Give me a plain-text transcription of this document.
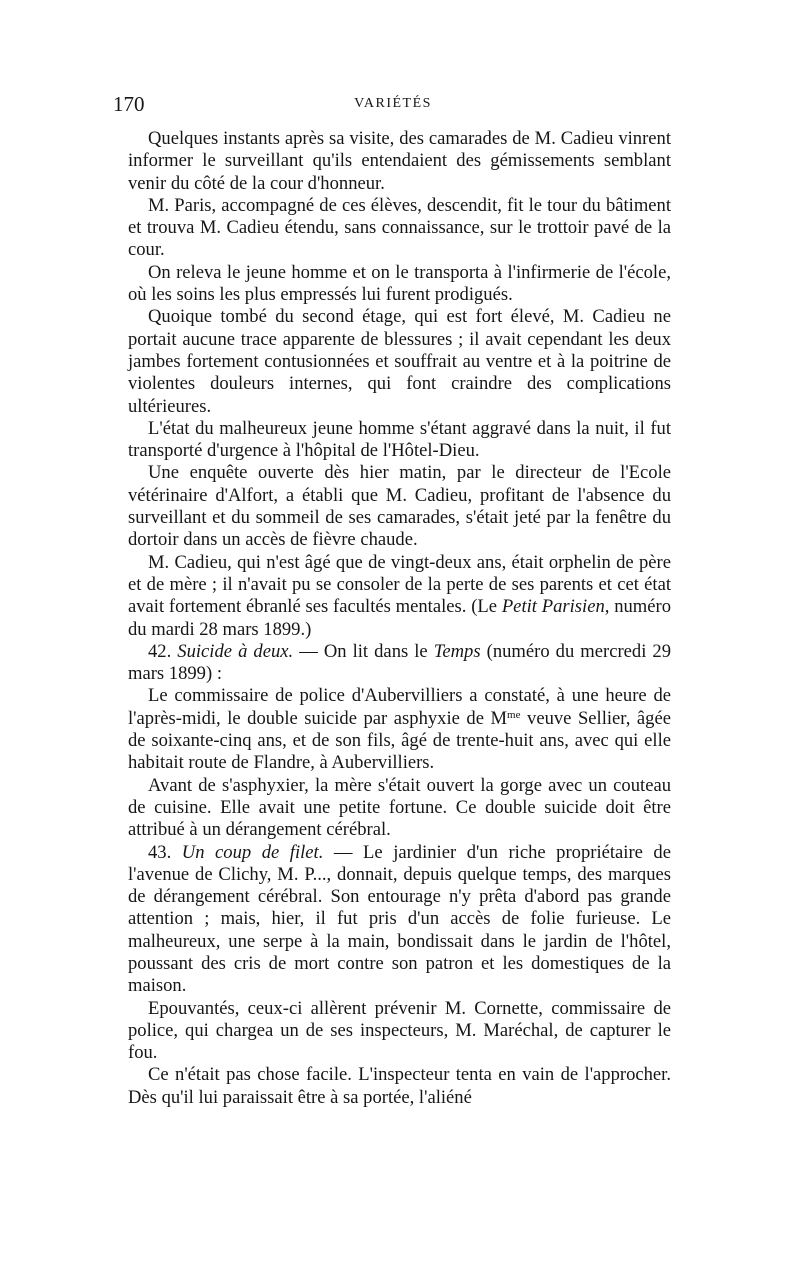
170	VARIÉTÉS

Quelques instants après sa visite, des camarades de M. Cadieu vinrent informer le surveillant qu'ils entendaient des gémissements semblant venir du côté de la cour d'honneur.

M. Paris, accompagné de ces élèves, descendit, fit le tour du bâtiment et trouva M. Cadieu étendu, sans connaissance, sur le trottoir pavé de la cour.

On releva le jeune homme et on le transporta à l'infirmerie de l'école, où les soins les plus empressés lui furent prodigués.

Quoique tombé du second étage, qui est fort élevé, M. Cadieu ne portait aucune trace apparente de blessures ; il avait cependant les deux jambes fortement contusionnées et souffrait au ventre et à la poitrine de violentes douleurs internes, qui font craindre des complications ultérieures.

L'état du malheureux jeune homme s'étant aggravé dans la nuit, il fut transporté d'urgence à l'hôpital de l'Hôtel-Dieu.

Une enquête ouverte dès hier matin, par le directeur de l'Ecole vétérinaire d'Alfort, a établi que M. Cadieu, profitant de l'absence du surveillant et du sommeil de ses camarades, s'était jeté par la fenêtre du dortoir dans un accès de fièvre chaude.

M. Cadieu, qui n'est âgé que de vingt-deux ans, était orphelin de père et de mère ; il n'avait pu se consoler de la perte de ses parents et cet état avait fortement ébranlé ses facultés mentales. (Le Petit Parisien, numéro du mardi 28 mars 1899.)

42. Suicide à deux. — On lit dans le Temps (numéro du mercredi 29 mars 1899) :

Le commissaire de police d'Aubervilliers a constaté, à une heure de l'après-midi, le double suicide par asphyxie de $M^{me}$ veuve Sellier, âgée de soixante-cinq ans, et de son fils, âgé de trente-huit ans, avec qui elle habitait route de Flandre, à Aubervilliers.

Avant de s'asphyxier, la mère s'était ouvert la gorge avec un couteau de cuisine. Elle avait une petite fortune. Ce double suicide doit être attribué à un dérangement cérébral.

43. Un coup de filet. — Le jardinier d'un riche propriétaire de l'avenue de Clichy, M. P..., donnait, depuis quelque temps, des marques de dérangement cérébral. Son entourage n'y prêta d'abord pas grande attention ; mais, hier, il fut pris d'un accès de folie furieuse. Le malheureux, une serpe à la main, bondissait dans le jardin de l'hôtel, poussant des cris de mort contre son patron et les domestiques de la maison.

Epouvantés, ceux-ci allèrent prévenir M. Cornette, commissaire de police, qui chargea un de ses inspecteurs, M. Maréchal, de capturer le fou.

Ce n'était pas chose facile. L'inspecteur tenta en vain de l'approcher. Dès qu'il lui paraissait être à sa portée, l'aliéné
